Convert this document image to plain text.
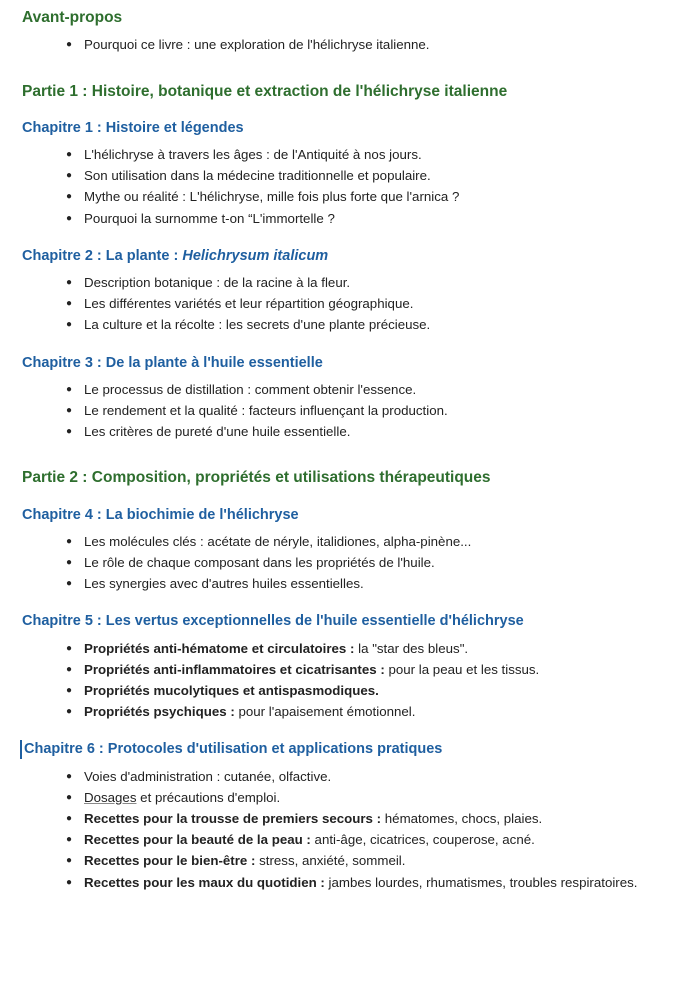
Avant-propos
● Pourquoi ce livre : une exploration de l'hélichryse italienne.
Partie 1 : Histoire, botanique et extraction de l'hélichryse italienne
Chapitre 1 : Histoire et légendes
● L'hélichryse à travers les âges : de l'Antiquité à nos jours.
● Son utilisation dans la médecine traditionnelle et populaire.
● Mythe ou réalité : L'hélichryse, mille fois plus forte que l'arnica ?
● Pourquoi la surnomme t-on “L'immortelle ?
Chapitre 2 : La plante : Helichrysum italicum
● Description botanique : de la racine à la fleur.
● Les différentes variétés et leur répartition géographique.
● La culture et la récolte : les secrets d'une plante précieuse.
Chapitre 3 : De la plante à l'huile essentielle
● Le processus de distillation : comment obtenir l'essence.
● Le rendement et la qualité : facteurs influençant la production.
● Les critères de pureté d'une huile essentielle.
Partie 2 : Composition, propriétés et utilisations thérapeutiques
Chapitre 4 : La biochimie de l'hélichryse
● Les molécules clés : acétate de néryle, italidiones, alpha-pinène...
● Le rôle de chaque composant dans les propriétés de l'huile.
● Les synergies avec d'autres huiles essentielles.
Chapitre 5 : Les vertus exceptionnelles de l'huile essentielle d'hélichryse
● Propriétés anti-hématome et circulatoires : la "star des bleus".
● Propriétés anti-inflammatoires et cicatrisantes : pour la peau et les tissus.
● Propriétés mucolytiques et antispasmodiques.
● Propriétés psychiques : pour l'apaisement émotionnel.
Chapitre 6 : Protocoles d'utilisation et applications pratiques
● Voies d'administration : cutanée, olfactive.
● Dosages et précautions d'emploi.
● Recettes pour la trousse de premiers secours : hématomes, chocs, plaies.
● Recettes pour la beauté de la peau : anti-âge, cicatrices, couperose, acné.
● Recettes pour le bien-être : stress, anxiété, sommeil.
● Recettes pour les maux du quotidien : jambes lourdes, rhumatismes, troubles respiratoires.
